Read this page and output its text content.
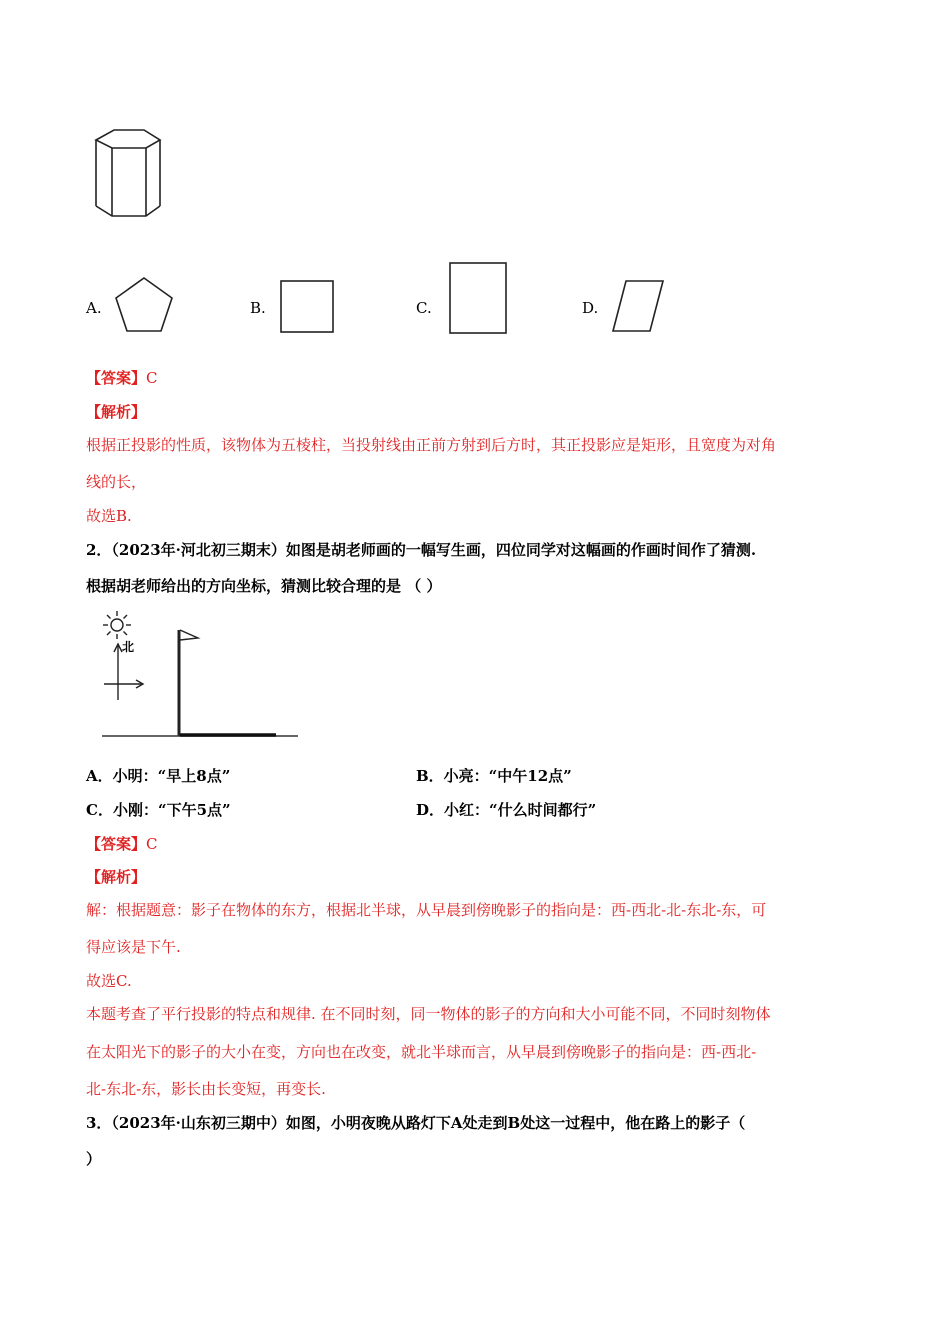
A.	B.	C.	D.
【答案】C
【解析】
根据正投影的性质，该物体为五棱柱，当投射线由正前方射到后方时，其正投影应是矩形，且宽度为对角
线的长，
故选B.
2．（2023年·河北初三期末）如图是胡老师画的一幅写生画，四位同学对这幅画的作画时间作了猜测.
根据胡老师给出的方向坐标，猜测比较合理的是 （ ）
北
A．小明：“早上8点”	B．小亮：“中午12点”
C．小刚：“下午5点”	D．小红：“什么时间都行”
【答案】C
【解析】
解：根据题意：影子在物体的东方，根据北半球，从早晨到傍晚影子的指向是：西-西北-北-东北-东，可
得应该是下午.
故选C.
本题考查了平行投影的特点和规律. 在不同时刻，同一物体的影子的方向和大小可能不同，不同时刻物体
在太阳光下的影子的大小在变，方向也在改变，就北半球而言，从早晨到傍晚影子的指向是：西-西北-
北-东北-东，影长由长变短，再变长.
3．（2023年·山东初三期中）如图，小明夜晚从路灯下A处走到B处这一过程中，他在路上的影子（
）
